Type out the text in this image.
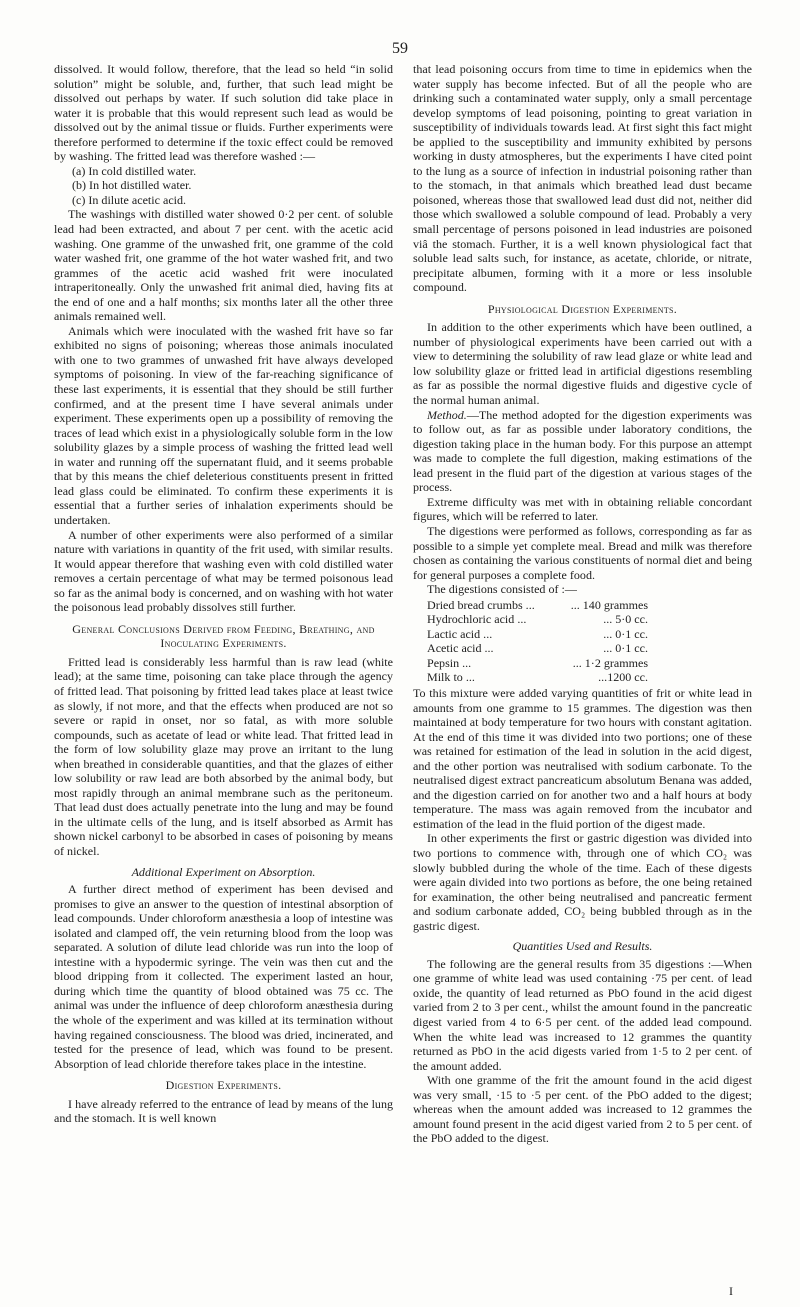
59

dissolved. It would follow, therefore, that the lead so held “in solid solution” might be soluble, and, further, that such lead might be dissolved out perhaps by water. If such solution did take place in water it is probable that this would represent such lead as would be dissolved out by the animal tissue or fluids. Further experiments were therefore performed to determine if the toxic effect could be removed by washing. The fritted lead was therefore washed :—

(a) In cold distilled water.
(b) In hot distilled water.
(c) In dilute acetic acid.

The washings with distilled water showed 0·2 per cent. of soluble lead had been extracted, and about 7 per cent. with the acetic acid washing. One gramme of the unwashed frit, one gramme of the cold water washed frit, one gramme of the hot water washed frit, and two grammes of the acetic acid washed frit were inoculated intraperitoneally. Only the unwashed frit animal died, having fits at the end of one and a half months; six months later all the other three animals remained well.

Animals which were inoculated with the washed frit have so far exhibited no signs of poisoning; whereas those animals inoculated with one to two grammes of unwashed frit have always developed symptoms of poisoning. In view of the far-reaching significance of these last experiments, it is essential that they should be still further confirmed, and at the present time I have several animals under experiment. These experiments open up a possibility of removing the traces of lead which exist in a physiologically soluble form in the low solubility glazes by a simple process of washing the fritted lead well in water and running off the supernatant fluid, and it seems probable that by this means the chief deleterious constituents present in fritted lead glass could be eliminated. To confirm these experiments it is essential that a further series of inhalation experiments should be undertaken.

A number of other experiments were also performed of a similar nature with variations in quantity of the frit used, with similar results. It would appear therefore that washing even with cold distilled water removes a certain percentage of what may be termed poisonous lead so far as the animal body is concerned, and on washing with hot water the poisonous lead probably dissolves still further.

General Conclusions Derived from Feeding, Breathing, and Inoculating Experiments.

Fritted lead is considerably less harmful than is raw lead (white lead); at the same time, poisoning can take place through the agency of fritted lead. That poisoning by fritted lead takes place at least twice as slowly, if not more, and that the effects when produced are not so severe or rapid in onset, nor so fatal, as with more soluble compounds, such as acetate of lead or white lead. That fritted lead in the form of low solubility glaze may prove an irritant to the lung when breathed in considerable quantities, and that the glazes of either low solubility or raw lead are both absorbed by the animal body, but most rapidly through an animal membrane such as the peritoneum. That lead dust does actually penetrate into the lung and may be found in the ultimate cells of the lung, and is itself absorbed as Armit has shown nickel carbonyl to be absorbed in cases of poisoning by means of nickel.

Additional Experiment on Absorption.

A further direct method of experiment has been devised and promises to give an answer to the question of intestinal absorption of lead compounds. Under chloroform anæsthesia a loop of intestine was isolated and clamped off, the vein returning blood from the loop was separated. A solution of dilute lead chloride was run into the loop of intestine with a hypodermic syringe. The vein was then cut and the blood dripping from it collected. The experiment lasted an hour, during which time the quantity of blood obtained was 75 cc. The animal was under the influence of deep chloroform anæsthesia during the whole of the experiment and was killed at its termination without having regained consciousness. The blood was dried, incinerated, and tested for the presence of lead, which was found to be present. Absorption of lead chloride therefore takes place in the intestine.

Digestion Experiments.

I have already referred to the entrance of lead by means of the lung and the stomach. It is well known

that lead poisoning occurs from time to time in epidemics when the water supply has become infected. But of all the people who are drinking such a contaminated water supply, only a small percentage develop symptoms of lead poisoning, pointing to great variation in susceptibility of individuals towards lead. At first sight this fact might be applied to the susceptibility and immunity exhibited by persons working in dusty atmospheres, but the experiments I have cited point to the lung as a source of infection in industrial poisoning rather than to the stomach, in that animals which breathed lead dust became poisoned, whereas those that swallowed lead dust did not, neither did those which swallowed a soluble compound of lead. Probably a very small percentage of persons poisoned in lead industries are poisoned viâ the stomach. Further, it is a well known physiological fact that soluble lead salts such, for instance, as acetate, chloride, or nitrate, precipitate albumen, forming with it a more or less insoluble compound.

Physiological Digestion Experiments.

In addition to the other experiments which have been outlined, a number of physiological experiments have been carried out with a view to determining the solubility of raw lead glaze or white lead and low solubility glaze or fritted lead in artificial digestions resembling as far as possible the normal digestive fluids and digestive cycle of the normal human animal.

Method.—The method adopted for the digestion experiments was to follow out, as far as possible under laboratory conditions, the digestion taking place in the human body. For this purpose an attempt was made to complete the full digestion, making estimations of the lead present in the fluid part of the digestion at various stages of the process.

Extreme difficulty was met with in obtaining reliable concordant figures, which will be referred to later.

The digestions were performed as follows, corresponding as far as possible to a simple yet complete meal. Bread and milk was therefore chosen as containing the various constituents of normal diet and being for general purposes a complete food.

The digestions consisted of :—

Dried bread crumbs ...	... 140 grammes
Hydrochloric acid ...	... 5·0 cc.
Lactic acid ...	... 0·1 cc.
Acetic acid ...	... 0·1 cc.
Pepsin ...	... 1·2 grammes
Milk to ...	...1200 cc.

To this mixture were added varying quantities of frit or white lead in amounts from one gramme to 15 grammes. The digestion was then maintained at body temperature for two hours with constant agitation. At the end of this time it was divided into two portions; one of these was retained for estimation of the lead in solution in the acid digest, and the other portion was neutralised with sodium carbonate. To the neutralised digest extract pancreaticum absolutum Benana was added, and the digestion carried on for another two and a half hours at body temperature. The mass was again removed from the incubator and estimation of the lead in the fluid portion of the digest made.

In other experiments the first or gastric digestion was divided into two portions to commence with, through one of which CO₂ was slowly bubbled during the whole of the time. Each of these digests were again divided into two portions as before, the one being retained for examination, the other being neutralised and pancreatic ferment and sodium carbonate added, CO₂ being bubbled through as in the gastric digest.

Quantities Used and Results.

The following are the general results from 35 digestions :—When one gramme of white lead was used containing ·75 per cent. of lead oxide, the quantity of lead returned as PbO found in the acid digest varied from 2 to 3 per cent., whilst the amount found in the pancreatic digest varied from 4 to 6·5 per cent. of the added lead compound. When the white lead was increased to 12 grammes the quantity returned as PbO in the acid digests varied from 1·5 to 2 per cent. of the amount added.

With one gramme of the frit the amount found in the acid digest was very small, ·15 to ·5 per cent. of the PbO added to the digest; whereas when the amount added was increased to 12 grammes the amount found present in the acid digest varied from 2 to 5 per cent. of the PbO added to the digest.

I
